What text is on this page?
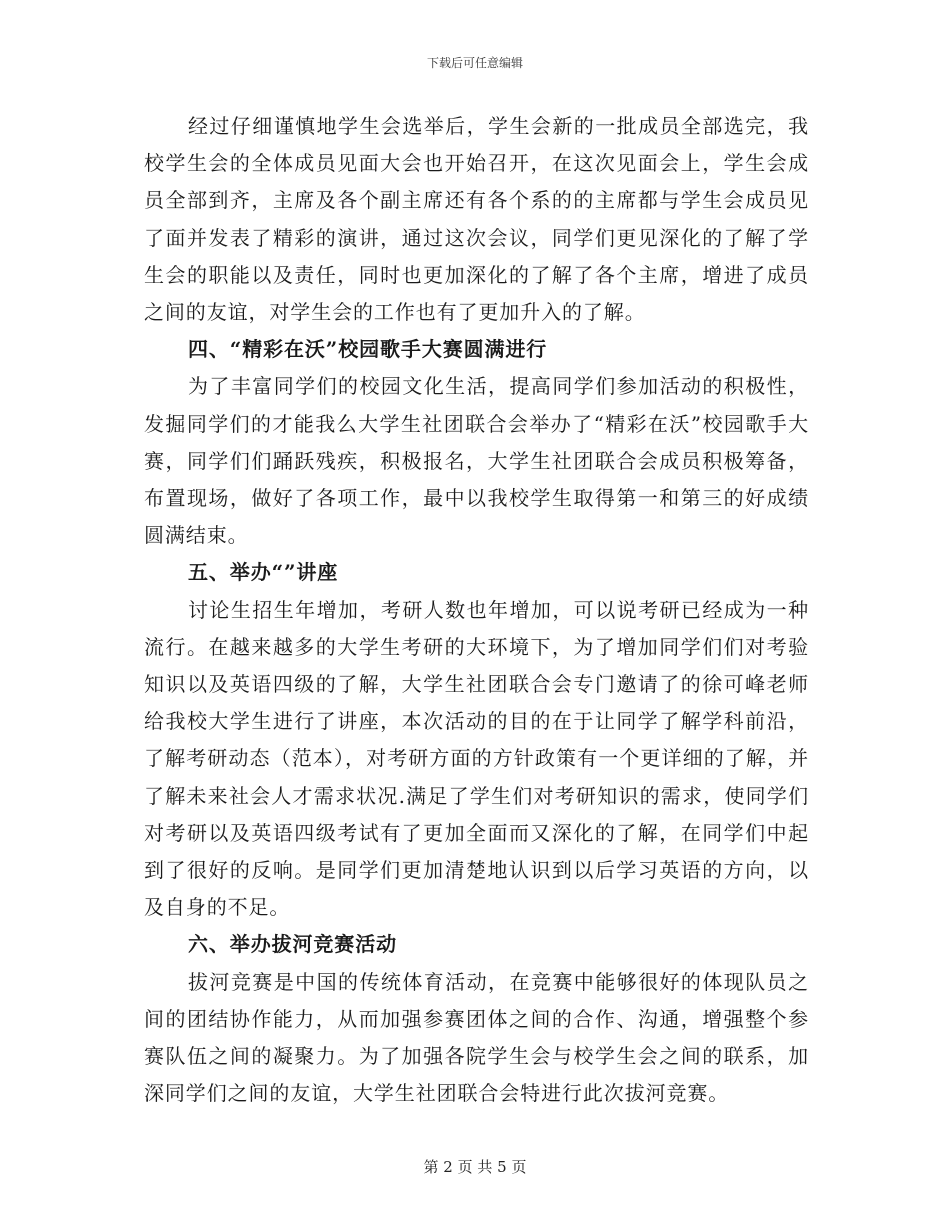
下载后可任意编辑

经过仔细谨慎地学生会选举后，学生会新的一批成员全部选完，我校学生会的全体成员见面大会也开始召开，在这次见面会上，学生会成员全部到齐，主席及各个副主席还有各个系的的主席都与学生会成员见了面并发表了精彩的演讲，通过这次会议，同学们更见深化的了解了学生会的职能以及责任，同时也更加深化的了解了各个主席，增进了成员之间的友谊，对学生会的工作也有了更加升入的了解。

四、“精彩在沃”校园歌手大赛圆满进行

为了丰富同学们的校园文化生活，提高同学们参加活动的积极性，发掘同学们的才能我么大学生社团联合会举办了“精彩在沃”校园歌手大赛，同学们们踊跃残疾，积极报名，大学生社团联合会成员积极筹备，布置现场，做好了各项工作，最中以我校学生取得第一和第三的好成绩圆满结束。

五、举办“”讲座

讨论生招生年增加，考研人数也年增加，可以说考研已经成为一种流行。在越来越多的大学生考研的大环境下，为了增加同学们们对考验知识以及英语四级的了解，大学生社团联合会专门邀请了的徐可峰老师给我校大学生进行了讲座，本次活动的目的在于让同学了解学科前沿，了解考研动态（范本），对考研方面的方针政策有一个更详细的了解，并了解未来社会人才需求状况.满足了学生们对考研知识的需求，使同学们对考研以及英语四级考试有了更加全面而又深化的了解，在同学们中起到了很好的反响。是同学们更加清楚地认识到以后学习英语的方向，以及自身的不足。

六、举办拔河竞赛活动

拔河竞赛是中国的传统体育活动，在竞赛中能够很好的体现队员之间的团结协作能力，从而加强参赛团体之间的合作、沟通，增强整个参赛队伍之间的凝聚力。为了加强各院学生会与校学生会之间的联系，加深同学们之间的友谊，大学生社团联合会特进行此次拔河竞赛。

第 2 页 共 5 页
